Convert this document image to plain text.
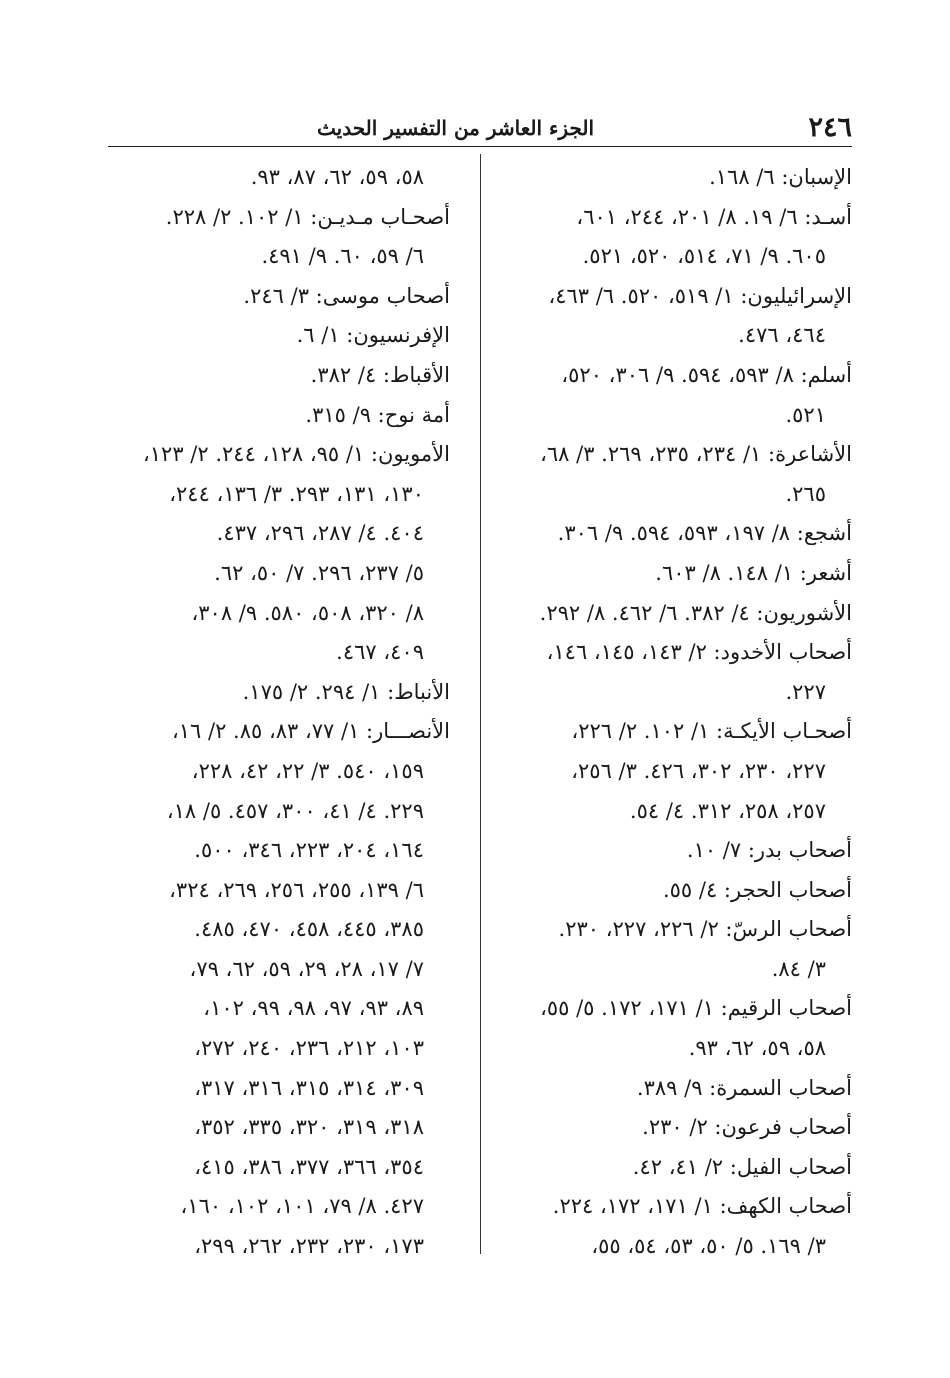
٢٤٦
الجزء العاشر من التفسير الحديث
الإسبان: ٦/ ١٦٨.
أسـد: ٦/ ١٩. ٨/ ٢٠١، ٢٤٤، ٦٠١،
٦٠٥. ٩/ ٧١، ٥١٤، ٥٢٠، ٥٢١.
الإسرائيليون: ١/ ٥١٩، ٥٢٠. ٦/ ٤٦٣،
٤٦٤، ٤٧٦.
أسلم: ٨/ ٥٩٣، ٥٩٤. ٩/ ٣٠٦، ٥٢٠،
٥٢١.
الأشاعرة: ١/ ٢٣٤، ٢٣٥، ٢٦٩. ٣/ ٦٨،
٢٦٥.
أشجع: ٨/ ١٩٧، ٥٩٣، ٥٩٤. ٩/ ٣٠٦.
أشعر: ١/ ١٤٨. ٨/ ٦٠٣.
الأشوريون: ٤/ ٣٨٢. ٦/ ٤٦٢. ٨/ ٢٩٢.
أصحاب الأخدود: ٢/ ١٤٣، ١٤٥، ١٤٦،
٢٢٧.
أصحـاب الأيكـة: ١/ ١٠٢. ٢/ ٢٢٦،
٢٢٧، ٢٣٠، ٣٠٢، ٤٢٦. ٣/ ٢٥٦،
٢٥٧، ٢٥٨، ٣١٢. ٤/ ٥٤.
أصحاب بدر: ٧/ ١٠.
أصحاب الحجر: ٤/ ٥٥.
أصحاب الرسّ: ٢/ ٢٢٦، ٢٢٧، ٢٣٠.
٣/ ٨٤.
أصحاب الرقيم: ١/ ١٧١، ١٧٢. ٥/ ٥٥،
٥٨، ٥٩، ٦٢، ٩٣.
أصحاب السمرة: ٩/ ٣٨٩.
أصحاب فرعون: ٢/ ٢٣٠.
أصحاب الفيل: ٢/ ٤١، ٤٢.
أصحاب الكهف: ١/ ١٧١، ١٧٢، ٢٢٤.
٣/ ١٦٩. ٥/ ٥٠، ٥٣، ٥٤، ٥٥،
٥٨، ٥٩، ٦٢، ٨٧، ٩٣.
أصحـاب مـديـن: ١/ ١٠٢. ٢/ ٢٢٨.
٦/ ٥٩، ٦٠. ٩/ ٤٩١.
أصحاب موسى: ٣/ ٢٤٦.
الإفرنسيون: ١/ ٦.
الأقباط: ٤/ ٣٨٢.
أمة نوح: ٩/ ٣١٥.
الأمويون: ١/ ٩٥، ١٢٨، ٢٤٤. ٢/ ١٢٣،
١٣٠، ١٣١، ٢٩٣. ٣/ ١٣٦، ٢٤٤،
٤٠٤. ٤/ ٢٨٧، ٢٩٦، ٤٣٧.
٥/ ٢٣٧، ٢٩٦. ٧/ ٥٠، ٦٢.
٨/ ٣٢٠، ٥٠٨، ٥٨٠. ٩/ ٣٠٨،
٤٠٩، ٤٦٧.
الأنباط: ١/ ٢٩٤. ٢/ ١٧٥.
الأنصـــار: ١/ ٧٧، ٨٣، ٨٥. ٢/ ١٦،
١٥٩، ٥٤٠. ٣/ ٢٢، ٤٢، ٢٢٨،
٢٢٩. ٤/ ٤١، ٣٠٠، ٤٥٧. ٥/ ١٨،
١٦٤، ٢٠٤، ٢٢٣، ٣٤٦، ٥٠٠.
٦/ ١٣٩، ٢٥٥، ٢٥٦، ٢٦٩، ٣٢٤،
٣٨٥، ٤٤٥، ٤٥٨، ٤٧٠، ٤٨٥.
٧/ ١٧، ٢٨، ٢٩، ٥٩، ٦٢، ٧٩،
٨٩، ٩٣، ٩٧، ٩٨، ٩٩، ١٠٢،
١٠٣، ٢١٢، ٢٣٦، ٢٤٠، ٢٧٢،
٣٠٩، ٣١٤، ٣١٥، ٣١٦، ٣١٧،
٣١٨، ٣١٩، ٣٢٠، ٣٣٥، ٣٥٢،
٣٥٤، ٣٦٦، ٣٧٧، ٣٨٦، ٤١٥،
٤٢٧. ٨/ ٧٩، ١٠١، ١٠٢، ١٦٠،
١٧٣، ٢٣٠، ٢٣٢، ٢٦٢، ٢٩٩،
